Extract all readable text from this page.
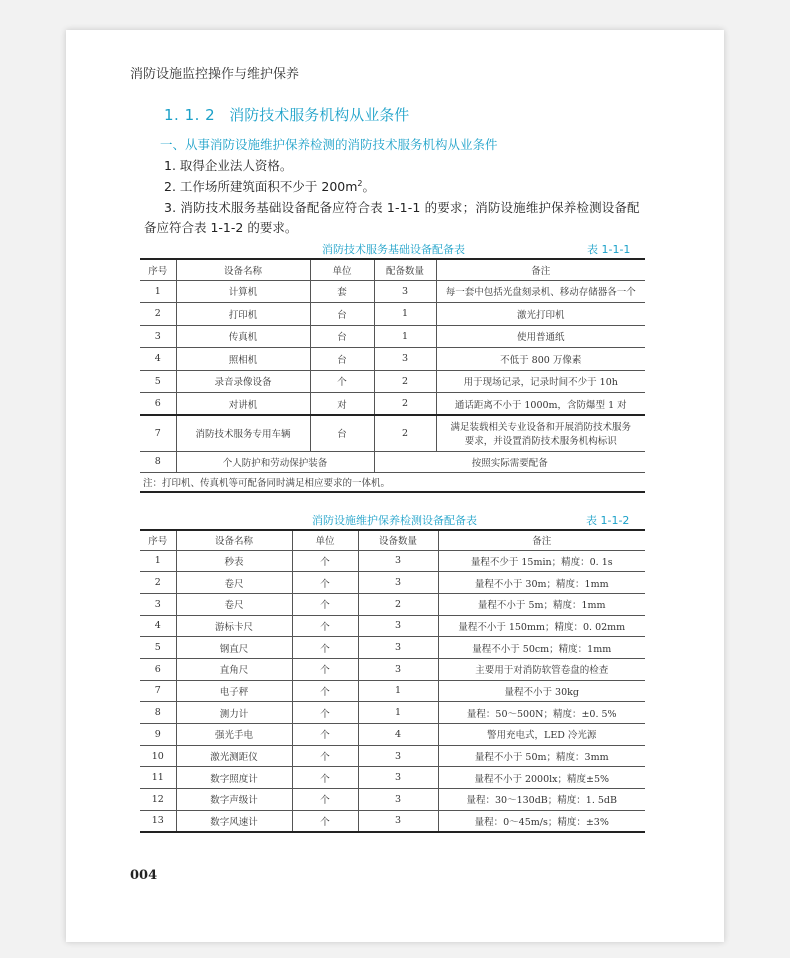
消防设施监控操作与维护保养
1. 1. 2 消防技术服务机构从业条件
一、从事消防设施维护保养检测的消防技术服务机构从业条件
1. 取得企业法人资格。
2. 工作场所建筑面积不少于 $200m^2$。
3. 消防技术服务基础设备配备应符合表 1-1-1 的要求；消防设施维护保养检测设备配
备应符合表 1-1-2 的要求。
消防技术服务基础设备配备表	表 1-1-1
序号	设备名称	单位	配备数量	备注
1	计算机	套	3	每一套中包括光盘刻录机、移动存储器各一个
2	打印机	台	1	激光打印机
3	传真机	台	1	使用普通纸
4	照相机	台	3	不低于 800 万像素
5	录音录像设备	个	2	用于现场记录，记录时间不少于 10h
6	对讲机	对	2	通话距离不小于 1000m，含防爆型 1 对
7	消防技术服务专用车辆	台	2	满足装载相关专业设备和开展消防技术服务
要求，并设置消防技术服务机构标识

8	个人防护和劳动保护装备		按照实际需要配备	
注：打印机、传真机等可配备同时满足相应要求的一体机。				
消防设施维护保养检测设备配备表	表 1-1-2
序号	设备名称	单位	设备数量	备注
1	秒表	个	3	量程不少于 15min；精度：0. 1s
2	卷尺	个	3	量程不小于 30m；精度：1mm
3	卷尺	个	2	量程不小于 5m；精度：1mm
4	游标卡尺	个	3	量程不小于 150mm；精度：0. 02mm
5	钢直尺	个	3	量程不小于 50cm；精度：1mm
6	直角尺	个	3	主要用于对消防软管卷盘的检查
7	电子秤	个	1	量程不小于 30kg
8	测力计	个	1	量程：50～500N；精度：±0. 5%
9	强光手电	个	4	警用充电式，LED 冷光源
10	激光测距仪	个	3	量程不小于 50m；精度：3mm
11	数字照度计	个	3	量程不小于 2000lx；精度±5%
12	数字声级计	个	3	量程：30～130dB；精度：1. 5dB
13	数字风速计	个	3	量程：0～45m/s；精度：±3%
004
